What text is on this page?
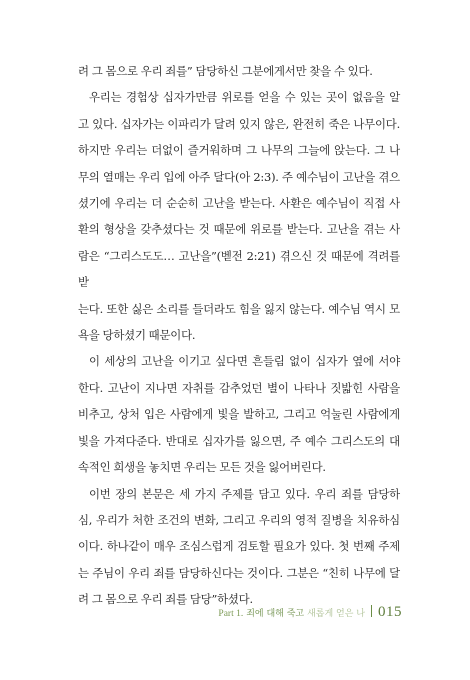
려 그 몸으로 우리 죄를” 담당하신 그분에게서만 찾을 수 있다.
우리는 경험상 십자가만큼 위로를 얻을 수 있는 곳이 없음을 알
고 있다. 십자가는 이파리가 달려 있지 않은, 완전히 죽은 나무이다.
하지만 우리는 더없이 즐거워하며 그 나무의 그늘에 앉는다. 그 나
무의 열매는 우리 입에 아주 달다(아 2:3). 주 예수님이 고난을 겪으
셨기에 우리는 더 순순히 고난을 받는다. 사환은 예수님이 직접 사
환의 형상을 갖추셨다는 것 때문에 위로를 받는다. 고난을 겪는 사
람은 “그리스도도… 고난을”(벧전 2:21) 겪으신 것 때문에 격려를 받
는다. 또한 싫은 소리를 들더라도 힘을 잃지 않는다. 예수님 역시 모
욕을 당하셨기 때문이다.
이 세상의 고난을 이기고 싶다면 흔들림 없이 십자가 옆에 서야
한다. 고난이 지나면 자취를 감추었던 별이 나타나 짓밟힌 사람을
비추고, 상처 입은 사람에게 빛을 발하고, 그리고 억눌린 사람에게
빛을 가져다준다. 반대로 십자가를 잃으면, 주 예수 그리스도의 대
속적인 희생을 놓치면 우리는 모든 것을 잃어버린다.
이번 장의 본문은 세 가지 주제를 담고 있다. 우리 죄를 담당하
심, 우리가 처한 조건의 변화, 그리고 우리의 영적 질병을 치유하심
이다. 하나같이 매우 조심스럽게 검토할 필요가 있다. 첫 번째 주제
는 주님이 우리 죄를 담당하신다는 것이다. 그분은 “친히 나무에 달
려 그 몸으로 우리 죄를 담당”하셨다.
Part 1. 죄에 대해 죽고 새롭게 얻은 나 015
